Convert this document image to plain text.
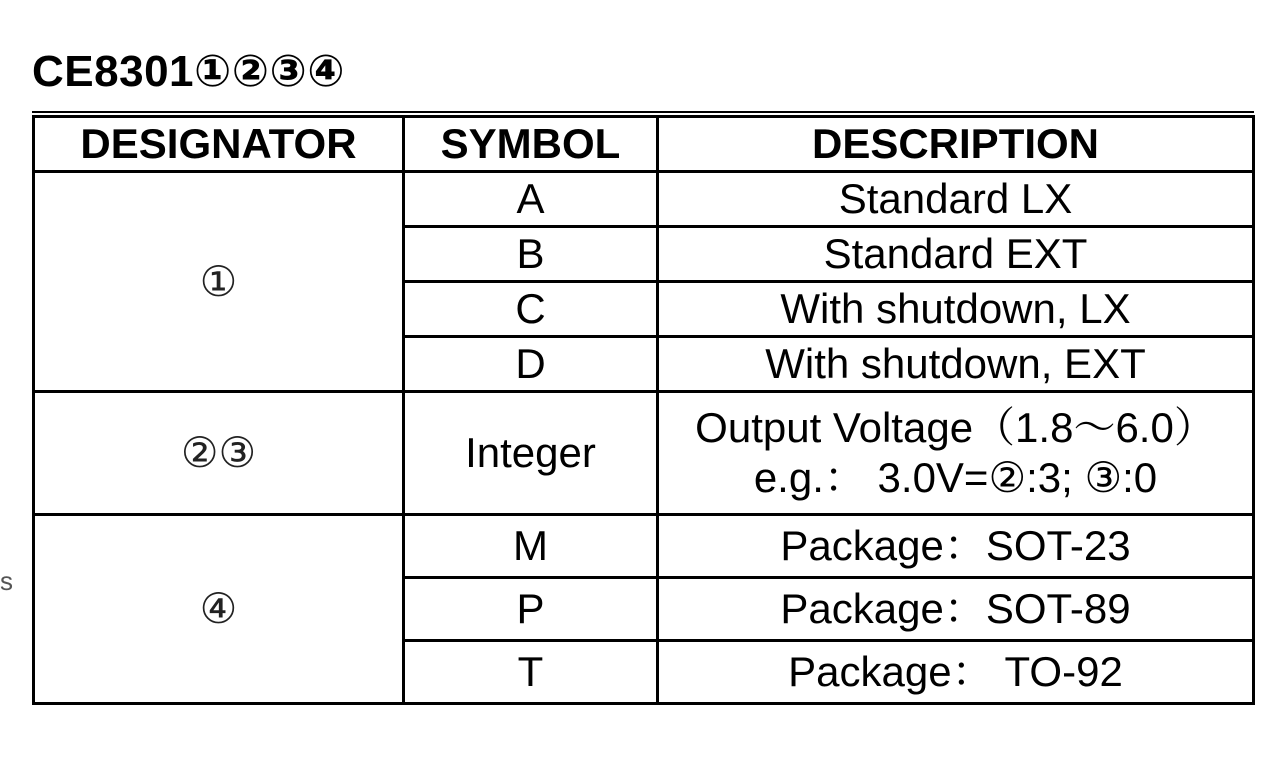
CE8301①②③④
s
DESIGNATOR	SYMBOL	DESCRIPTION
①	A	Standard LX
	B	Standard EXT
	C	With shutdown, LX
	D	With shutdown, EXT
②③	Integer	Output Voltage（1.8～6.0）
e.g.： 3.0V=②:3; ③:0

④	M	Package：SOT-23
	P	Package：SOT-89
	T	Package： TO-92
